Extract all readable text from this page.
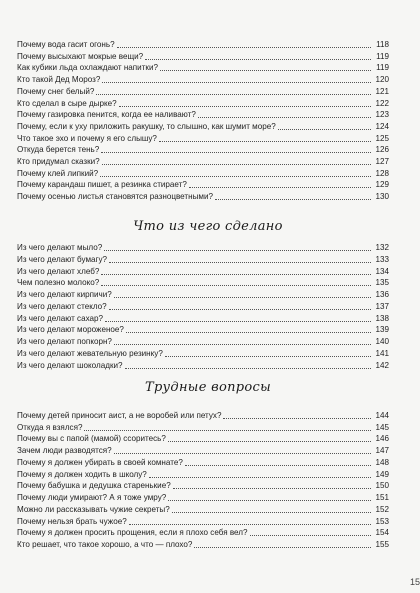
Почему вода гасит огонь?	118
Почему высыхают мокрые вещи?	119
Как кубики льда охлаждают напитки?	119
Кто такой Дед Мороз?	120
Почему снег белый?	121
Кто сделал в сыре дырке?	122
Почему газировка пенится, когда ее наливают?	123
Почему, если к уху приложить ракушку, то слышно, как шумит море?	124
Что такое эхо и почему я его слышу?	125
Откуда берется тень?	126
Кто придумал сказки?	127
Почему клей липкий?	128
Почему карандаш пишет, а резинка стирает?	129
Почему осенью листья становятся разноцветными?	130
Что из чего сделано
Из чего делают мыло?	132
Из чего делают бумагу?	133
Из чего делают хлеб?	134
Чем полезно молоко?	135
Из чего делают кирпичи?	136
Из чего делают стекло?	137
Из чего делают сахар?	138
Из чего делают мороженое?	139
Из чего делают попкорн?	140
Из чего делают жевательную резинку?	141
Из чего делают шоколадки?	142
Трудные вопросы
Почему детей приносит аист, а не воробей или петух?	144
Откуда я взялся?	145
Почему вы с папой (мамой) ссоритесь?	146
Зачем люди разводятся?	147
Почему я должен убирать в своей комнате?	148
Почему я должен ходить в школу?	149
Почему бабушка и дедушка старенькие?	150
Почему люди умирают? А я тоже умру?	151
Можно ли рассказывать чужие секреты?	152
Почему нельзя брать чужое?	153
Почему я должен просить прощения, если я плохо себя вел?	154
Кто решает, что такое хорошо, а что — плохо?	155
15
